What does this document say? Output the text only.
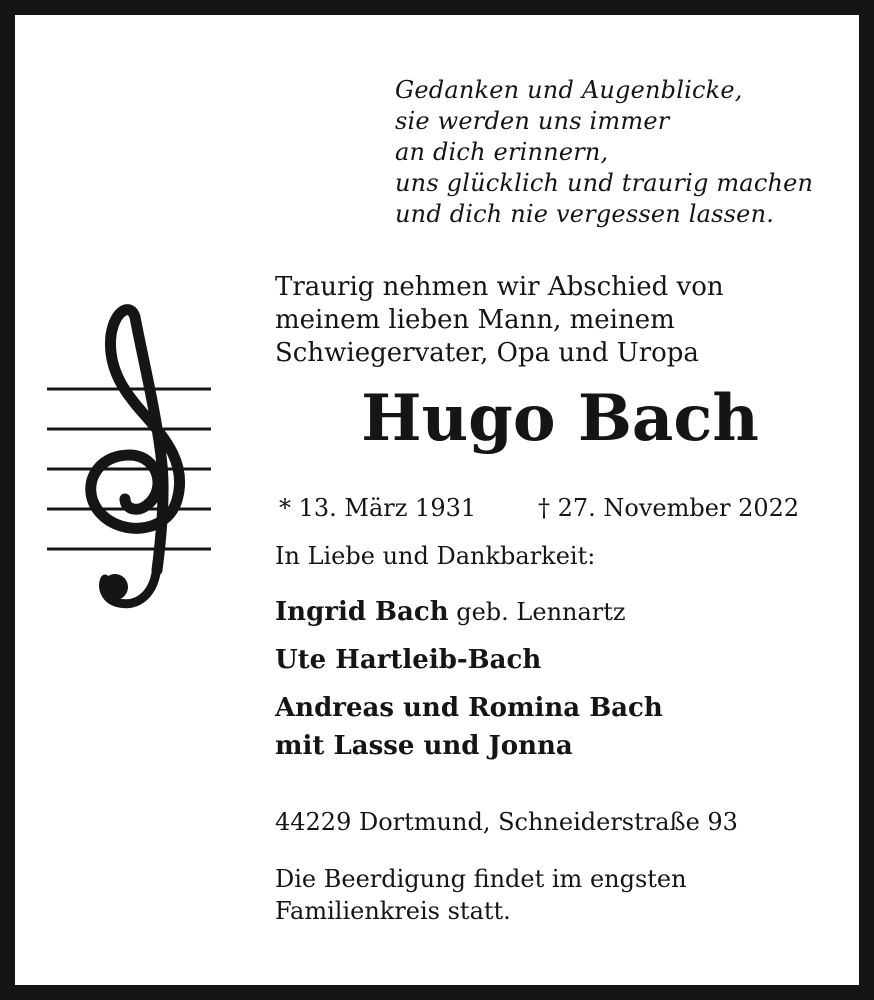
Gedanken und Augenblicke,
sie werden uns immer
an dich erinnern,
uns glücklich und traurig machen
und dich nie vergessen lassen.
Traurig nehmen wir Abschied von
meinem lieben Mann, meinem
Schwiegervater, Opa und Uropa
Hugo Bach
* 13. März 1931	† 27. November 2022
In Liebe und Dankbarkeit:
Ingrid Bach geb. Lennartz
Ute Hartleib-Bach
Andreas und Romina Bach
mit Lasse und Jonna
44229 Dortmund, Schneiderstraße 93
Die Beerdigung findet im engsten
Familienkreis statt.
